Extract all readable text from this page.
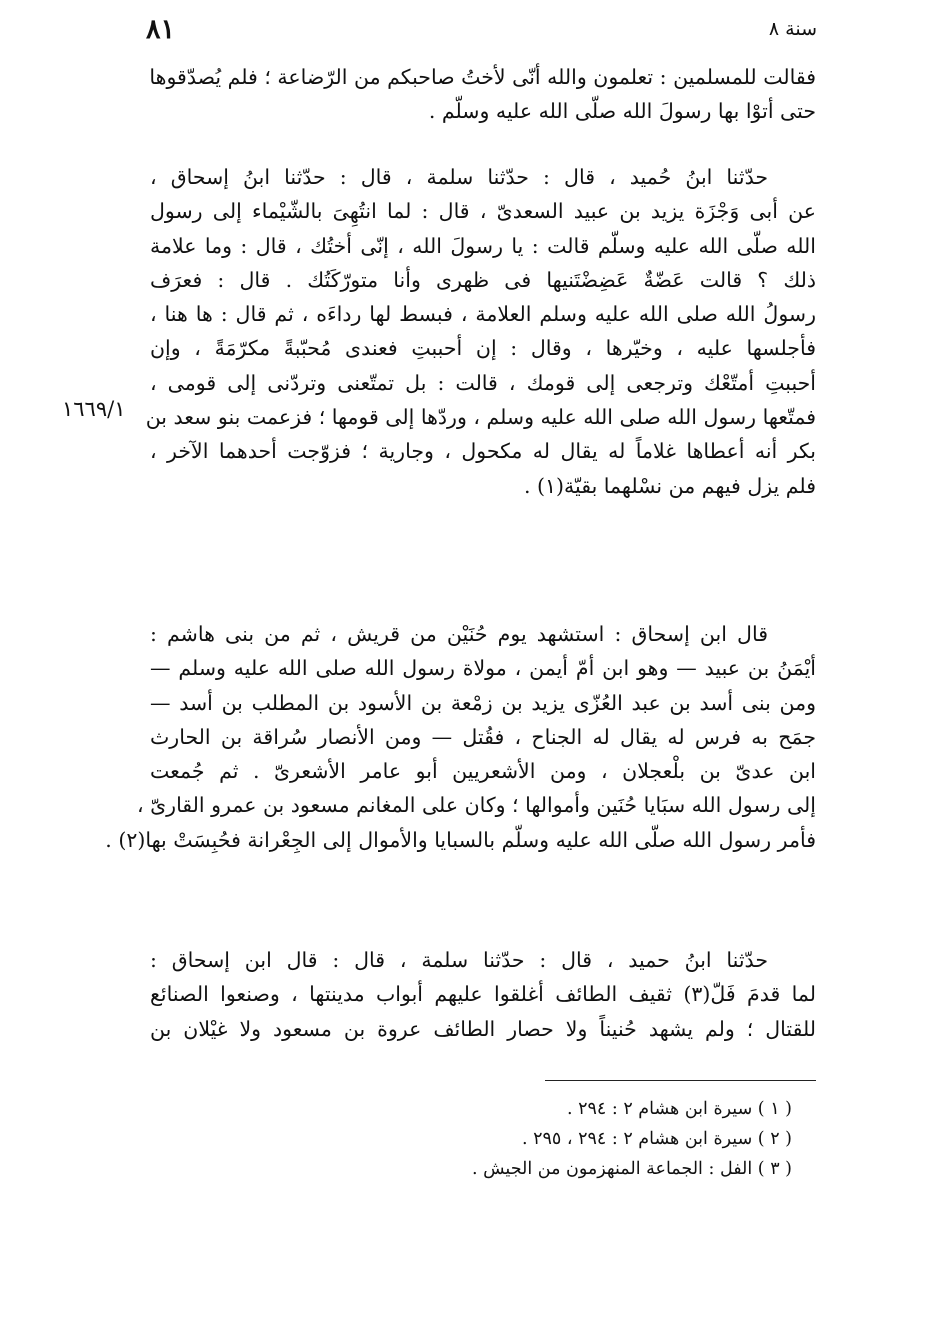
سنة ٨
٨١
١٦٦٩/١
فقالت للمسلمين : تعلمون والله أنّى لأختُ صاحبكم من الرّضاعة ؛ فلم يُصدّقوها
حتى أتوْا بها رسولَ الله صلّى الله عليه وسلّم .
حدّثنا ابنُ حُميد ، قال : حدّثنا سلمة ، قال : حدّثنا ابنُ إسحاق ،
عن أبى وَجْزَة يزيد بن عبيد السعدىّ ، قال : لما انتُهِىَ بالشّيْماء إلى رسول
الله صلّى الله عليه وسلّم قالت : يا رسولَ الله ، إنّى أختُك ، قال : وما علامة
ذلك ؟ قالت عَضّةٌ عَضِضْتَنيها فى ظهرى وأنا متورّكَتُك . قال : فعرَف
رسولُ الله صلى الله عليه وسلم العلامة ، فبسط لها رداءَه ، ثم قال : ها هنا ،
فأجلسها عليه ، وخيّرها ، وقال : إن أحببتِ فعندى مُحبّبةً مكرّمَةً ، وإن
أحببتِ أمتّعْك وترجعى إلى قومك ، قالت : بل تمتّعنى وتردّنى إلى قومى ،
فمتّعها رسول الله صلى الله عليه وسلم ، وردّها إلى قومها ؛ فزعمت بنو سعد بن
بكر أنه أعطاها غلاماً له يقال له مكحول ، وجارية ؛ فزوّجت أحدهما الآخر ،
فلم يزل فيهم من نسْلهما بقيّة(١) .
قال ابن إسحاق : استشهد يوم حُنَيْن من قريش ، ثم من بنى هاشم :
أيْمَنُ بن عبيد — وهو ابن أمّ أيمن ، مولاة رسول الله صلى الله عليه وسلم —
ومن بنى أسد بن عبد العُزّى يزيد بن زمْعة بن الأسود بن المطلب بن أسد —
جمَح به فرس له يقال له الجناح ، فقُتل — ومن الأنصار سُراقة بن الحارث
ابن عدىّ بن بلْعجلان ، ومن الأشعريين أبو عامر الأشعرىّ . ثم جُمعت
إلى رسول الله سبَايا حُنَين وأموالها ؛ وكان على المغانم مسعود بن عمرو القارىّ ،
فأمر رسول الله صلّى الله عليه وسلّم بالسبايا والأموال إلى الجِعْرانة فحُبِسَتْ بها(٢) .
حدّثنا ابنُ حميد ، قال : حدّثنا سلمة ، قال : قال ابن إسحاق :
لما قدمَ فَلّ(٣) ثقيف الطائف أغلقوا عليهم أبواب مدينتها ، وصنعوا الصنائع
للقتال ؛ ولم يشهد حُنيناً ولا حصار الطائف عروة بن مسعود ولا غيْلان بن
( ١ ) سيرة ابن هشام ٢ : ٢٩٤ .
( ٢ ) سيرة ابن هشام ٢ : ٢٩٤ ، ٢٩٥ .
( ٣ ) الفل : الجماعة المنهزمون من الجيش .
